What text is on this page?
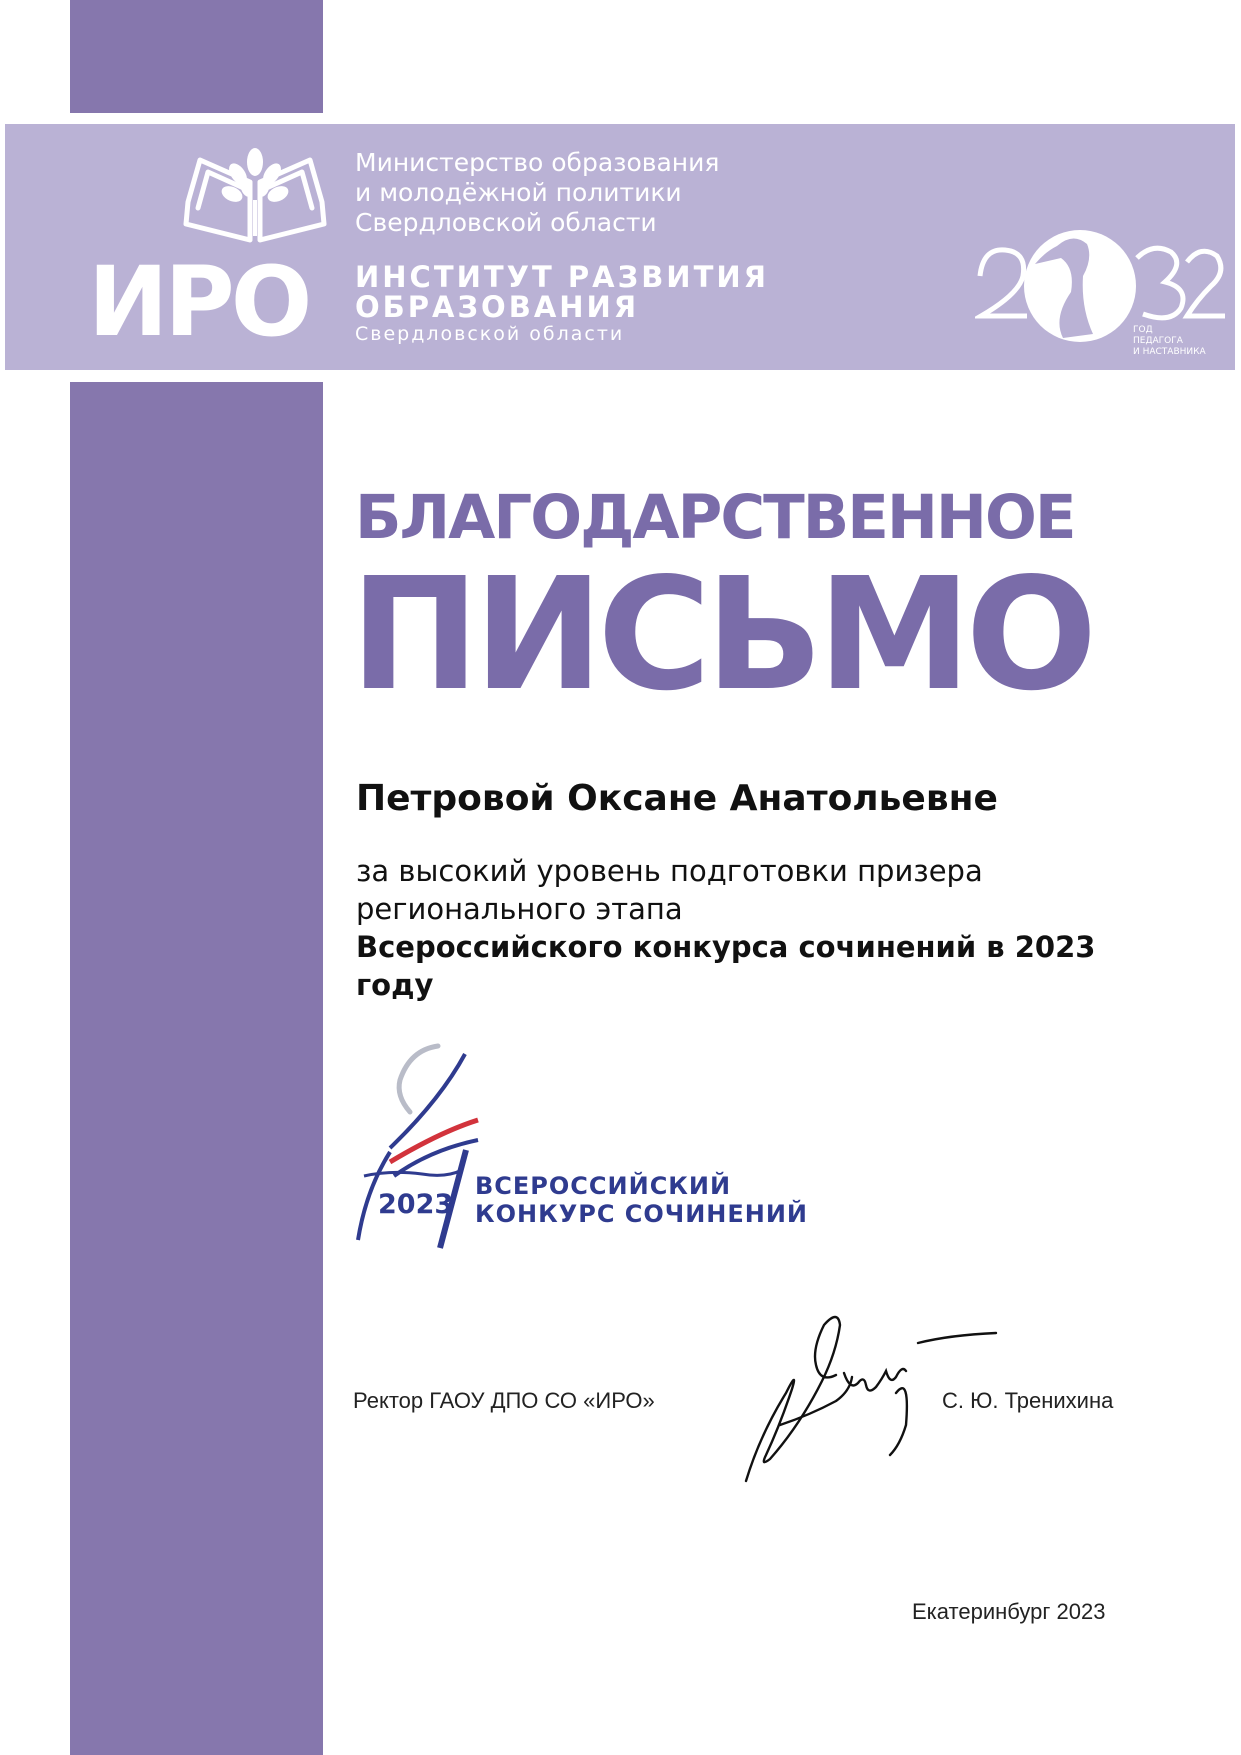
ИРО
Министерство образования
и молодёжной политики
Свердловской области
ИНСТИТУТ РАЗВИТИЯ
ОБРАЗОВАНИЯ
Свердловской области	ГОД
ПЕДАГОГА
И НАСТАВНИКА
БЛАГОДАРСТВЕННОЕ
ПИСЬМО
Петровой Оксане Анатольевне
за высокий уровень подготовки призера
регионального этапа
Всероссийского конкурса сочинений в 2023
году
2023
ВСЕРОССИЙСКИЙ
КОНКУРС СОЧИНЕНИЙ
Ректор ГАОУ ДПО СО «ИРО»	С. Ю. Тренихина
Екатеринбург 2023
